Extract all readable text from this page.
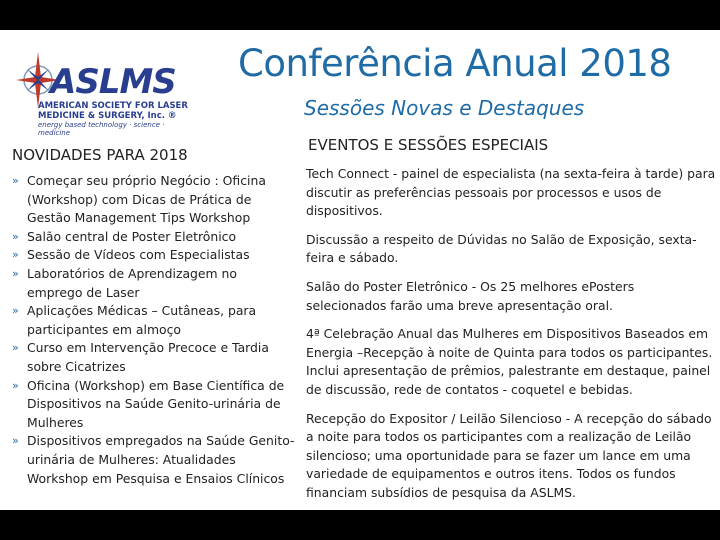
ASLMS
AMERICAN SOCIETY FOR LASER
MEDICINE & SURGERY, Inc. ®
energy based technology · science · medicine
Conferência Anual 2018
Sessões Novas e Destaques
NOVIDADES PARA 2018
» Começar seu próprio Negócio : Oficina (Workshop) com Dicas de Prática de Gestão Management Tips Workshop
» Salão central de Poster Eletrônico
» Sessão de Vídeos com Especialistas
» Laboratórios de Aprendizagem no emprego de Laser
» Aplicações Médicas – Cutâneas, para participantes em almoço
» Curso em Intervenção Precoce e Tardia sobre Cicatrizes
» Oficina (Workshop) em Base Científica de Dispositivos na Saúde Genito-urinária de Mulheres
» Dispositivos empregados na Saúde Genito-urinária de Mulheres: Atualidades Workshop em Pesquisa e Ensaios Clínicos
EVENTOS E SESSÕES ESPECIAIS

Tech Connect - painel de especialista (na sexta-feira à tarde) para discutir as preferências pessoais por processos e usos de dispositivos.

Discussão a respeito de Dúvidas no Salão de Exposição, sexta-feira e sábado.

Salão do Poster Eletrônico - Os 25 melhores ePosters selecionados farão uma breve apresentação oral.

4ª Celebração Anual das Mulheres em Dispositivos Baseados em Energia –Recepção à noite de Quinta para todos os participantes. Inclui apresentação de prêmios, palestrante em destaque, painel de discussão, rede de contatos - coquetel e bebidas.

Recepção do Expositor / Leilão Silencioso - A recepção do sábado a noite para todos os participantes com a realização de Leilão silencioso; uma oportunidade para se fazer um lance em uma variedade de equipamentos e outros itens. Todos os fundos financiam subsídios de pesquisa da ASLMS.
